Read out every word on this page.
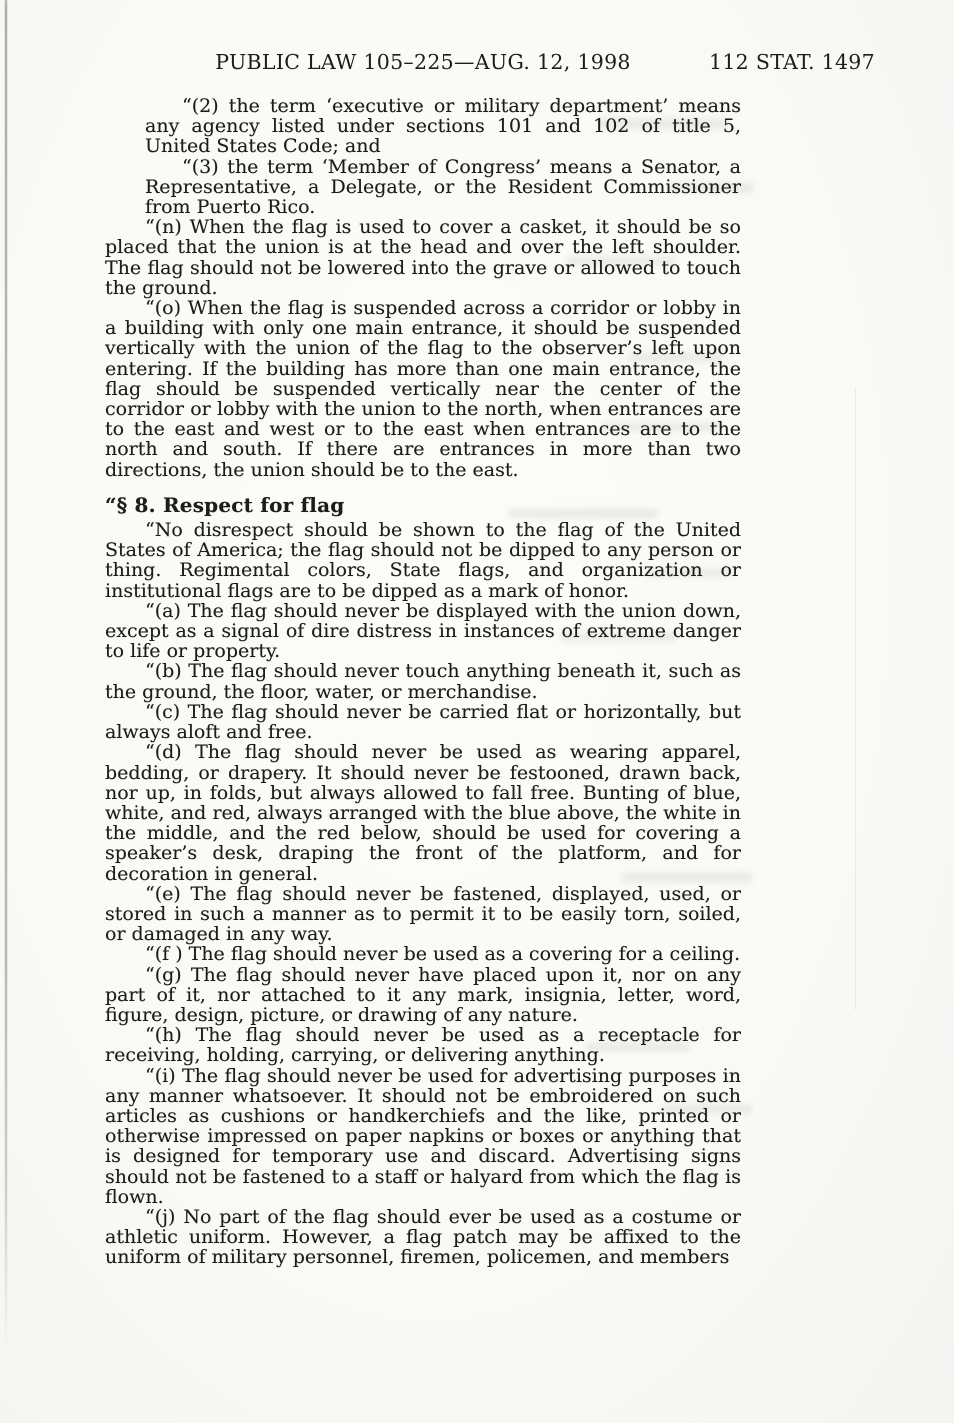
PUBLIC LAW 105–225—AUG. 12, 1998	112 STAT. 1497

“(2) the term ‘executive or military department’ means any agency listed under sections 101 and 102 of title 5, United States Code; and

“(3) the term ‘Member of Congress’ means a Senator, a Representative, a Delegate, or the Resident Commissioner from Puerto Rico.

“(n) When the flag is used to cover a casket, it should be so placed that the union is at the head and over the left shoulder. The flag should not be lowered into the grave or allowed to touch the ground.

“(o) When the flag is suspended across a corridor or lobby in a building with only one main entrance, it should be suspended vertically with the union of the flag to the observer’s left upon entering. If the building has more than one main entrance, the flag should be suspended vertically near the center of the corridor or lobby with the union to the north, when entrances are to the east and west or to the east when entrances are to the north and south. If there are entrances in more than two directions, the union should be to the east.

“§ 8. Respect for flag

“No disrespect should be shown to the flag of the United States of America; the flag should not be dipped to any person or thing. Regimental colors, State flags, and organization or institutional flags are to be dipped as a mark of honor.

“(a) The flag should never be displayed with the union down, except as a signal of dire distress in instances of extreme danger to life or property.

“(b) The flag should never touch anything beneath it, such as the ground, the floor, water, or merchandise.

“(c) The flag should never be carried flat or horizontally, but always aloft and free.

“(d) The flag should never be used as wearing apparel, bedding, or drapery. It should never be festooned, drawn back, nor up, in folds, but always allowed to fall free. Bunting of blue, white, and red, always arranged with the blue above, the white in the middle, and the red below, should be used for covering a speaker’s desk, draping the front of the platform, and for decoration in general.

“(e) The flag should never be fastened, displayed, used, or stored in such a manner as to permit it to be easily torn, soiled, or damaged in any way.

“(f ) The flag should never be used as a covering for a ceiling.

“(g) The flag should never have placed upon it, nor on any part of it, nor attached to it any mark, insignia, letter, word, figure, design, picture, or drawing of any nature.

“(h) The flag should never be used as a receptacle for receiving, holding, carrying, or delivering anything.

“(i) The flag should never be used for advertising purposes in any manner whatsoever. It should not be embroidered on such articles as cushions or handkerchiefs and the like, printed or otherwise impressed on paper napkins or boxes or anything that is designed for temporary use and discard. Advertising signs should not be fastened to a staff or halyard from which the flag is flown.

“(j) No part of the flag should ever be used as a costume or athletic uniform. However, a flag patch may be affixed to the uniform of military personnel, firemen, policemen, and members
